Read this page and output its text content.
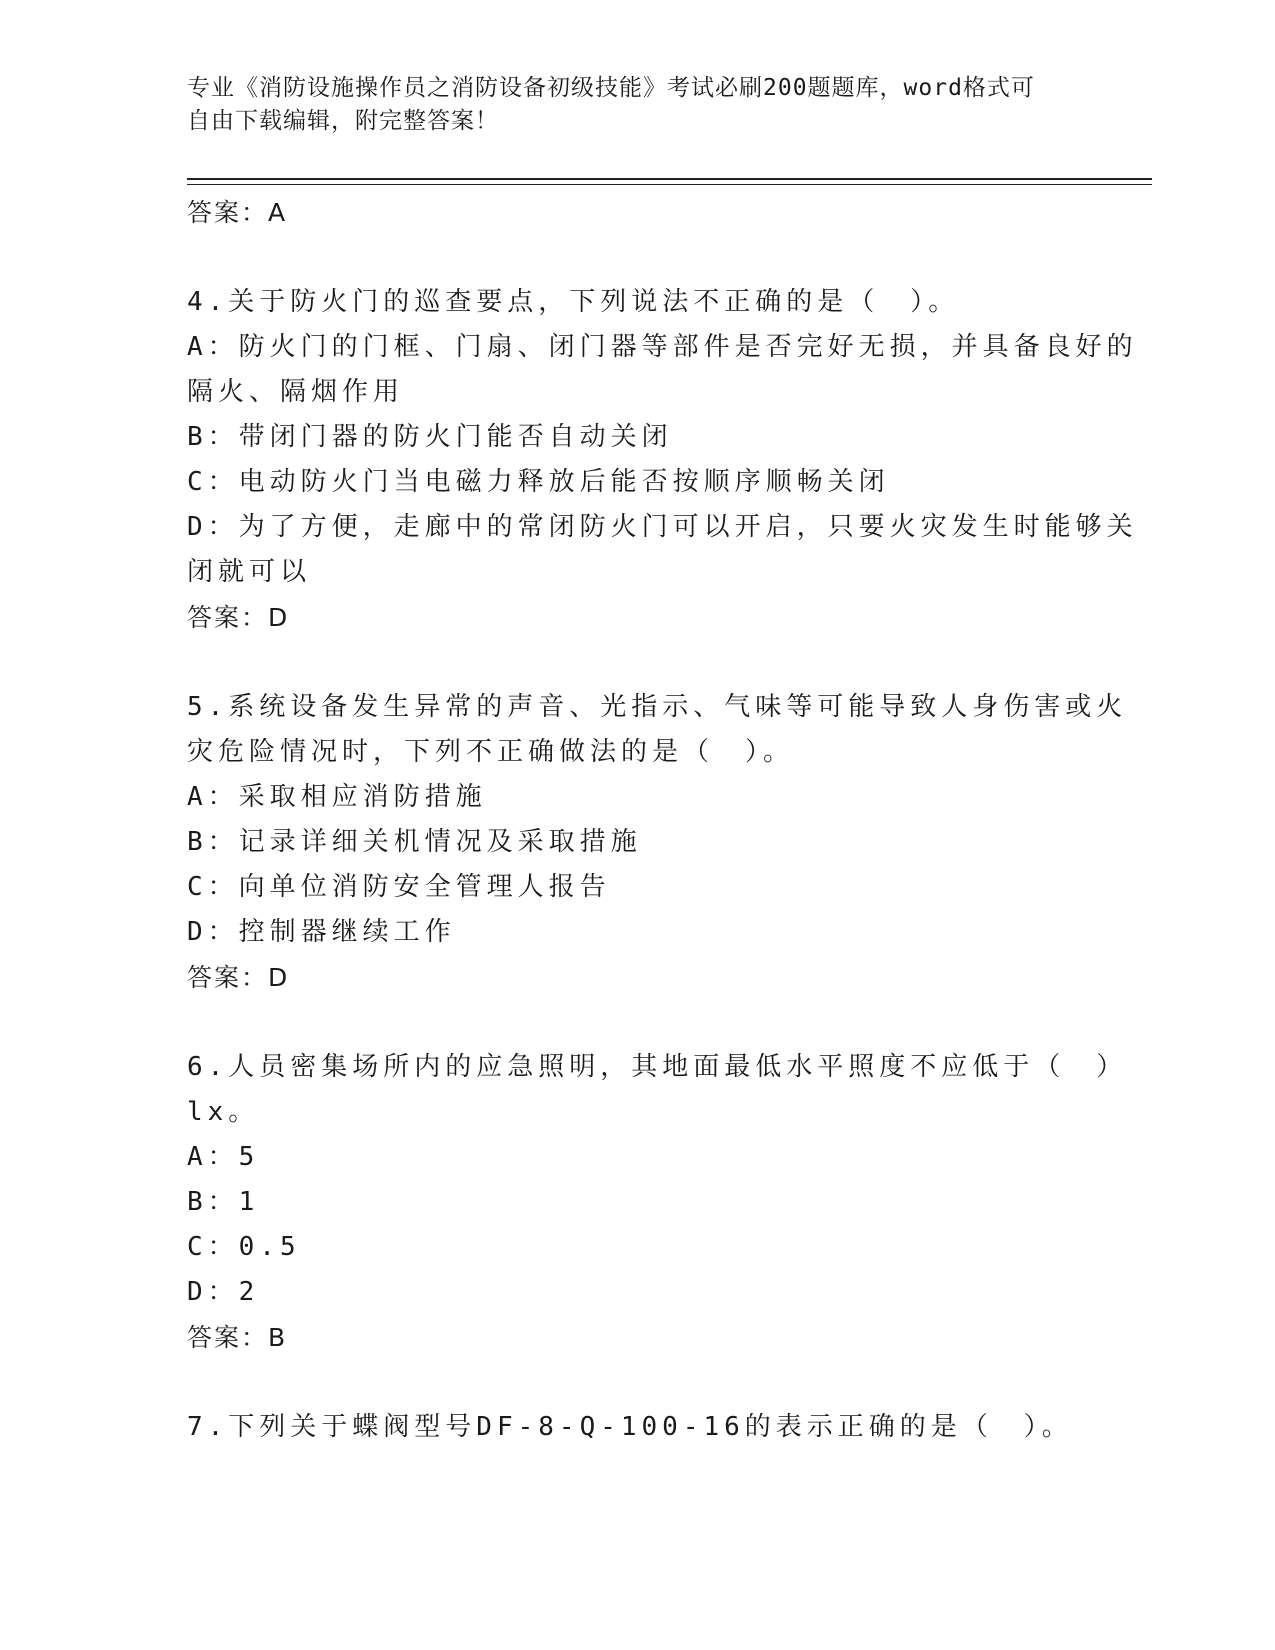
专业《消防设施操作员之消防设备初级技能》考试必刷200题题库，word格式可
自由下载编辑，附完整答案！
答案：A
4.关于防火门的巡查要点，下列说法不正确的是（　）。
A：防火门的门框、门扇、闭门器等部件是否完好无损，并具备良好的
隔火、隔烟作用
B：带闭门器的防火门能否自动关闭
C：电动防火门当电磁力释放后能否按顺序顺畅关闭
D：为了方便，走廊中的常闭防火门可以开启，只要火灾发生时能够关
闭就可以
答案：D
5.系统设备发生异常的声音、光指示、气味等可能导致人身伤害或火
灾危险情况时，下列不正确做法的是（　）。
A：采取相应消防措施
B：记录详细关机情况及采取措施
C：向单位消防安全管理人报告
D：控制器继续工作
答案：D
6.人员密集场所内的应急照明，其地面最低水平照度不应低于（　）
lx。
A：5
B：1
C：0.5
D：2
答案：B
7.下列关于蝶阀型号DF-8-Q-100-16的表示正确的是（　）。
